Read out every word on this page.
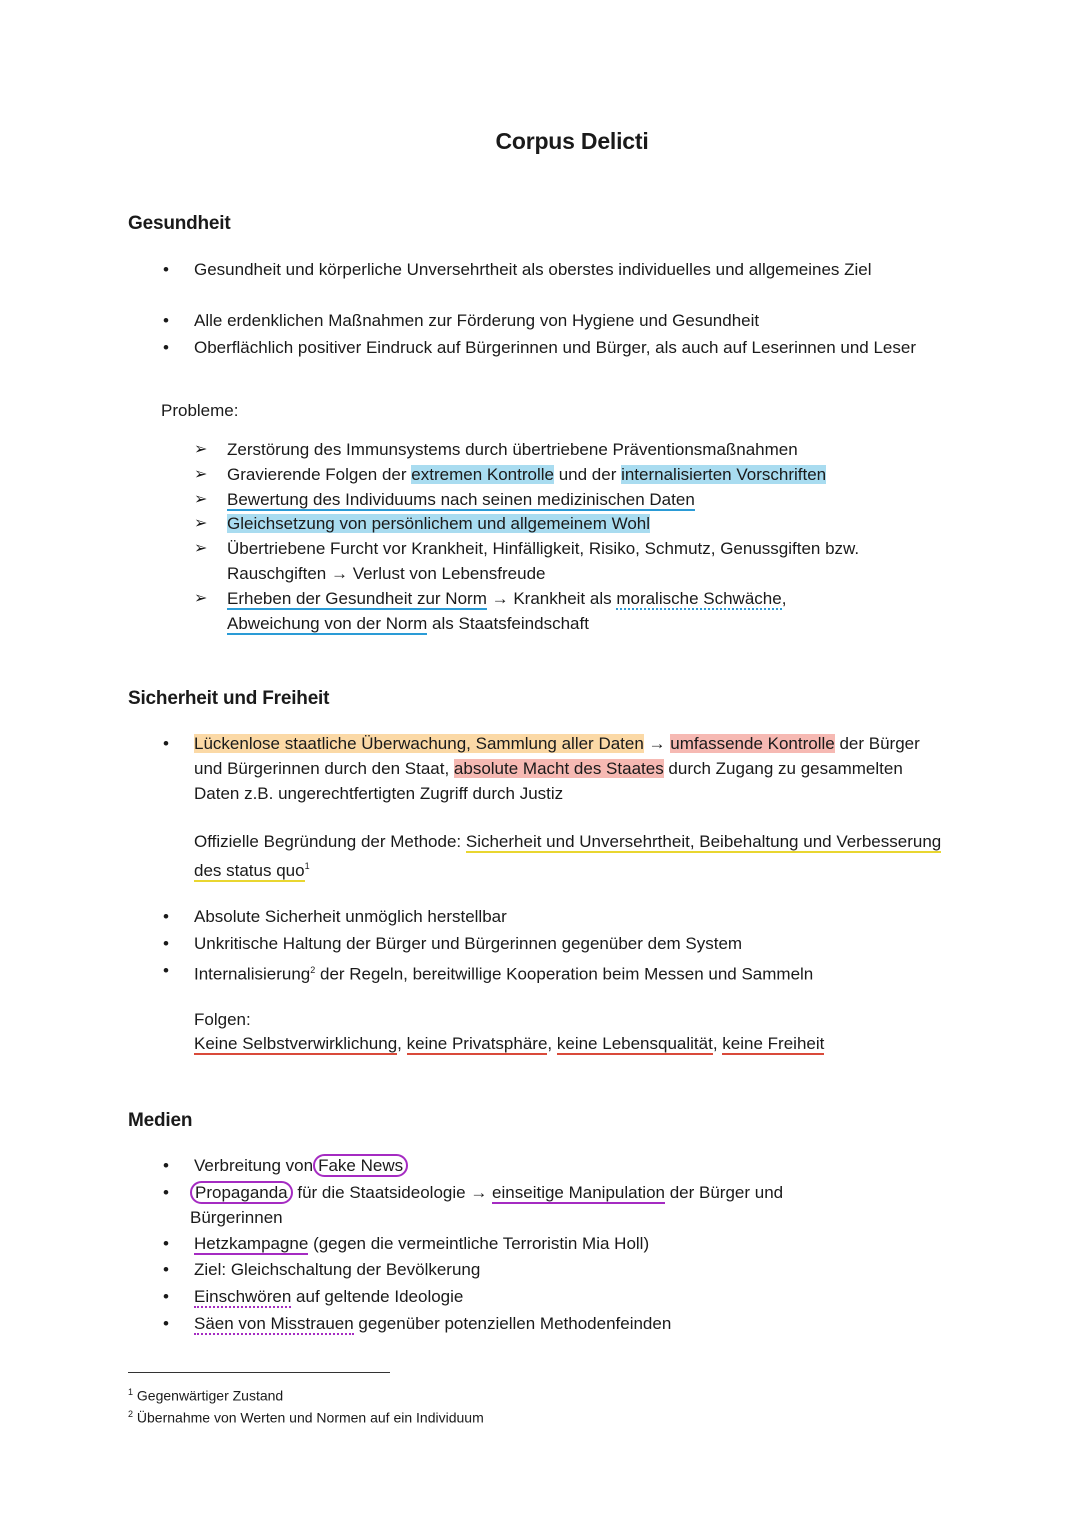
Corpus Delicti
Gesundheit
• Gesundheit und körperliche Unversehrtheit als oberstes individuelles und allgemeines Ziel
• Alle erdenklichen Maßnahmen zur Förderung von Hygiene und Gesundheit
• Oberflächlich positiver Eindruck auf Bürgerinnen und Bürger, als auch auf Leserinnen und Leser
Probleme:
➢ Zerstörung des Immunsystems durch übertriebene Präventionsmaßnahmen
➢ Gravierende Folgen der extremen Kontrolle und der internalisierten Vorschriften
➢ Bewertung des Individuums nach seinen medizinischen Daten
➢ Gleichsetzung von persönlichem und allgemeinem Wohl
➢ Übertriebene Furcht vor Krankheit, Hinfälligkeit, Risiko, Schmutz, Genussgiften bzw. Rauschgiften → Verlust von Lebensfreude
➢ Erheben der Gesundheit zur Norm → Krankheit als moralische Schwäche,
Abweichung von der Norm als Staatsfeindschaft
Sicherheit und Freiheit
• Lückenlose staatliche Überwachung, Sammlung aller Daten → umfassende Kontrolle der Bürger und Bürgerinnen durch den Staat, absolute Macht des Staates durch Zugang zu gesammelten Daten z.B. ungerechtfertigten Zugriff durch Justiz
Offizielle Begründung der Methode: Sicherheit und Unversehrtheit, Beibehaltung und Verbesserung des status quo$^1$
• Absolute Sicherheit unmöglich herstellbar
• Unkritische Haltung der Bürger und Bürgerinnen gegenüber dem System
• Internalisierung$^2$ der Regeln, bereitwillige Kooperation beim Messen und Sammeln
Folgen:
Keine Selbstverwirklichung, keine Privatsphäre, keine Lebensqualität, keine Freiheit
Medien
• Verbreitung von Fake News
• Propaganda für die Staatsideologie → einseitige Manipulation der Bürger und Bürgerinnen
• Hetzkampagne (gegen die vermeintliche Terroristin Mia Holl)
• Ziel: Gleichschaltung der Bevölkerung
• Einschwören auf geltende Ideologie
• Säen von Misstrauen gegenüber potenziellen Methodenfeinden
$^1$ Gegenwärtiger Zustand
$^2$ Übernahme von Werten und Normen auf ein Individuum
